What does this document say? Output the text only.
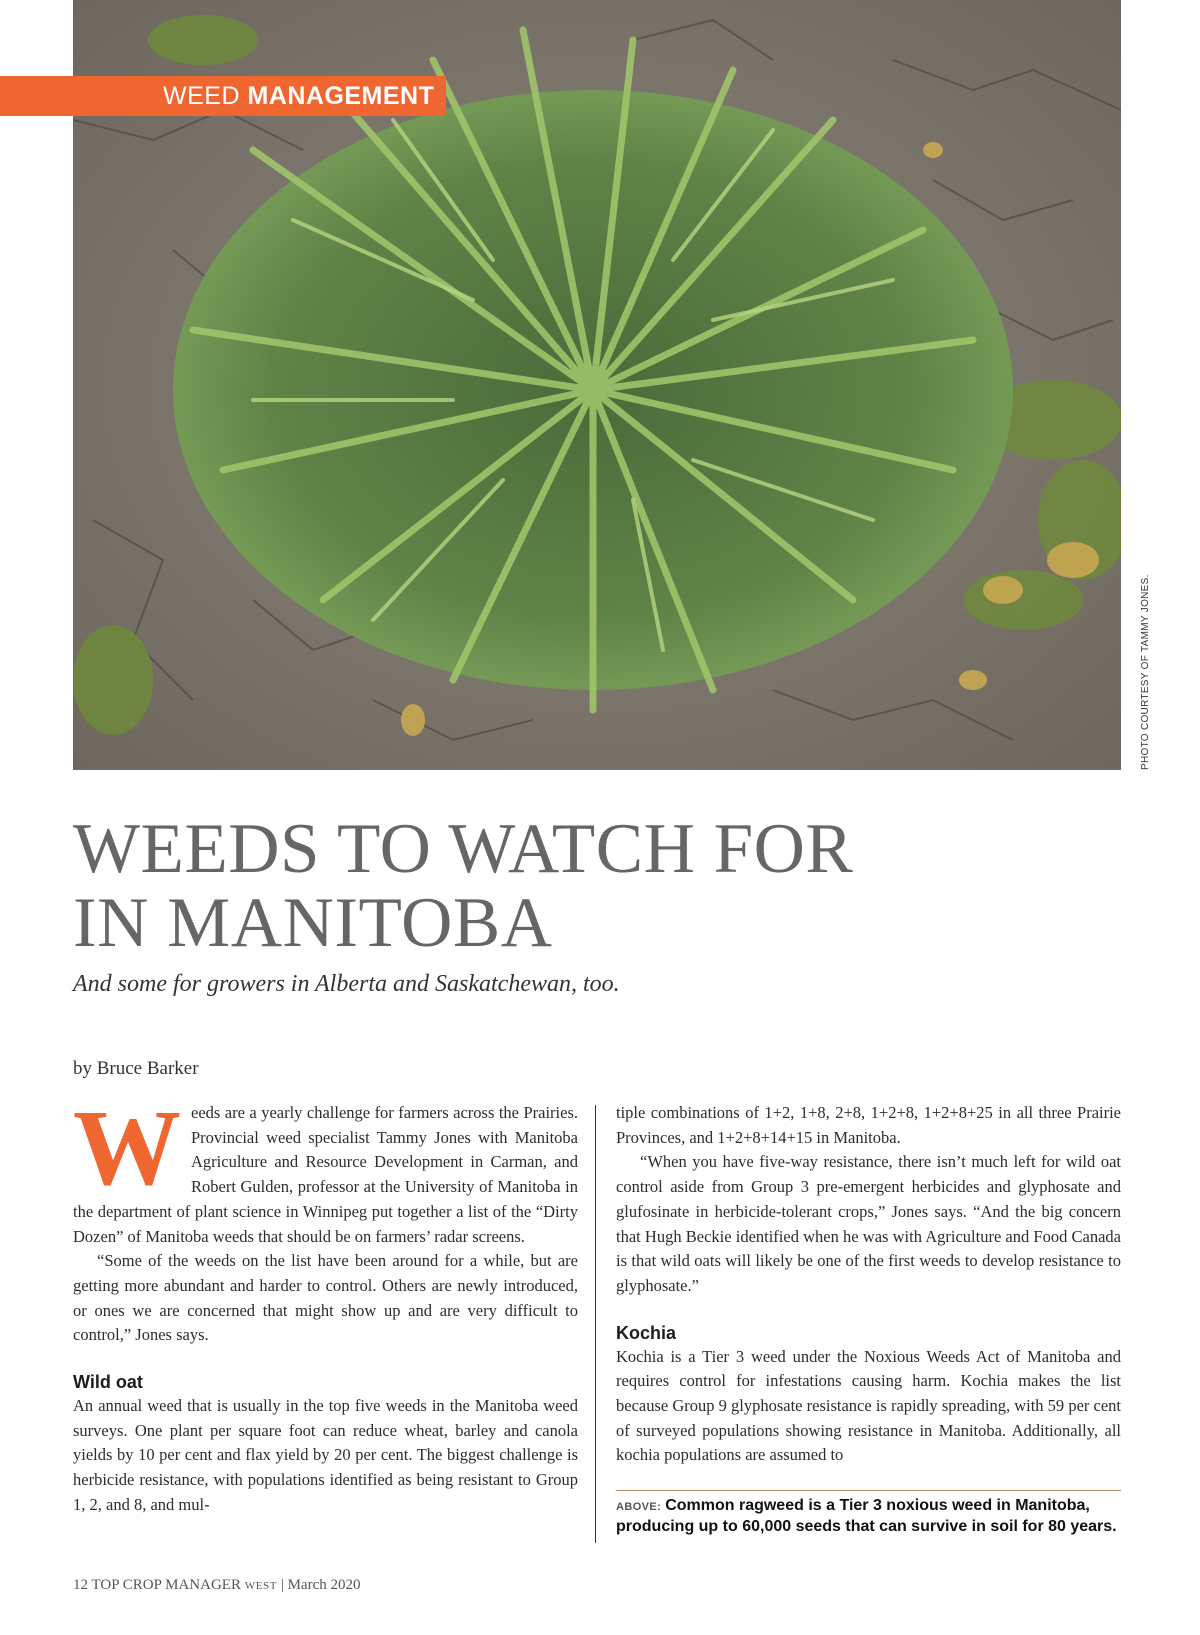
WEED MANAGEMENT
PHOTO COURTESY OF TAMMY JONES.
WEEDS TO WATCH FOR
IN MANITOBA

And some for growers in Alberta and Saskatchewan, too.

by Bruce Barker

Weeds are a yearly challenge for farmers across the Prairies. Provincial weed specialist Tammy Jones with Manitoba Agriculture and Resource Development in Carman, and Robert Gulden, professor at the University of Manitoba in the department of plant science in Winnipeg put together a list of the “Dirty Dozen” of Manitoba weeds that should be on farmers’ radar screens.

“Some of the weeds on the list have been around for a while, but are getting more abundant and harder to control. Others are newly introduced, or ones we are concerned that might show up and are very difficult to control,” Jones says.

Wild oat

An annual weed that is usually in the top five weeds in the Manitoba weed surveys. One plant per square foot can reduce wheat, barley and canola yields by 10 per cent and flax yield by 20 per cent. The biggest challenge is herbicide resistance, with populations identified as being resistant to Group 1, 2, and 8, and mul-

tiple combinations of 1+2, 1+8, 2+8, 1+2+8, 1+2+8+25 in all three Prairie Provinces, and 1+2+8+14+15 in Manitoba.

“When you have five-way resistance, there isn’t much left for wild oat control aside from Group 3 pre-emergent herbicides and glyphosate and glufosinate in herbicide-tolerant crops,” Jones says. “And the big concern that Hugh Beckie identified when he was with Agriculture and Food Canada is that wild oats will likely be one of the first weeds to develop resistance to glyphosate.”

Kochia

Kochia is a Tier 3 weed under the Noxious Weeds Act of Manitoba and requires control for infestations causing harm. Kochia makes the list because Group 9 glyphosate resistance is rapidly spreading, with 59 per cent of surveyed populations showing resistance in Manitoba. Additionally, all kochia populations are assumed to

ABOVE: Common ragweed is a Tier 3 noxious weed in Manitoba, producing up to 60,000 seeds that can survive in soil for 80 years.
12 TOP CROP MANAGER WEST | March 2020
